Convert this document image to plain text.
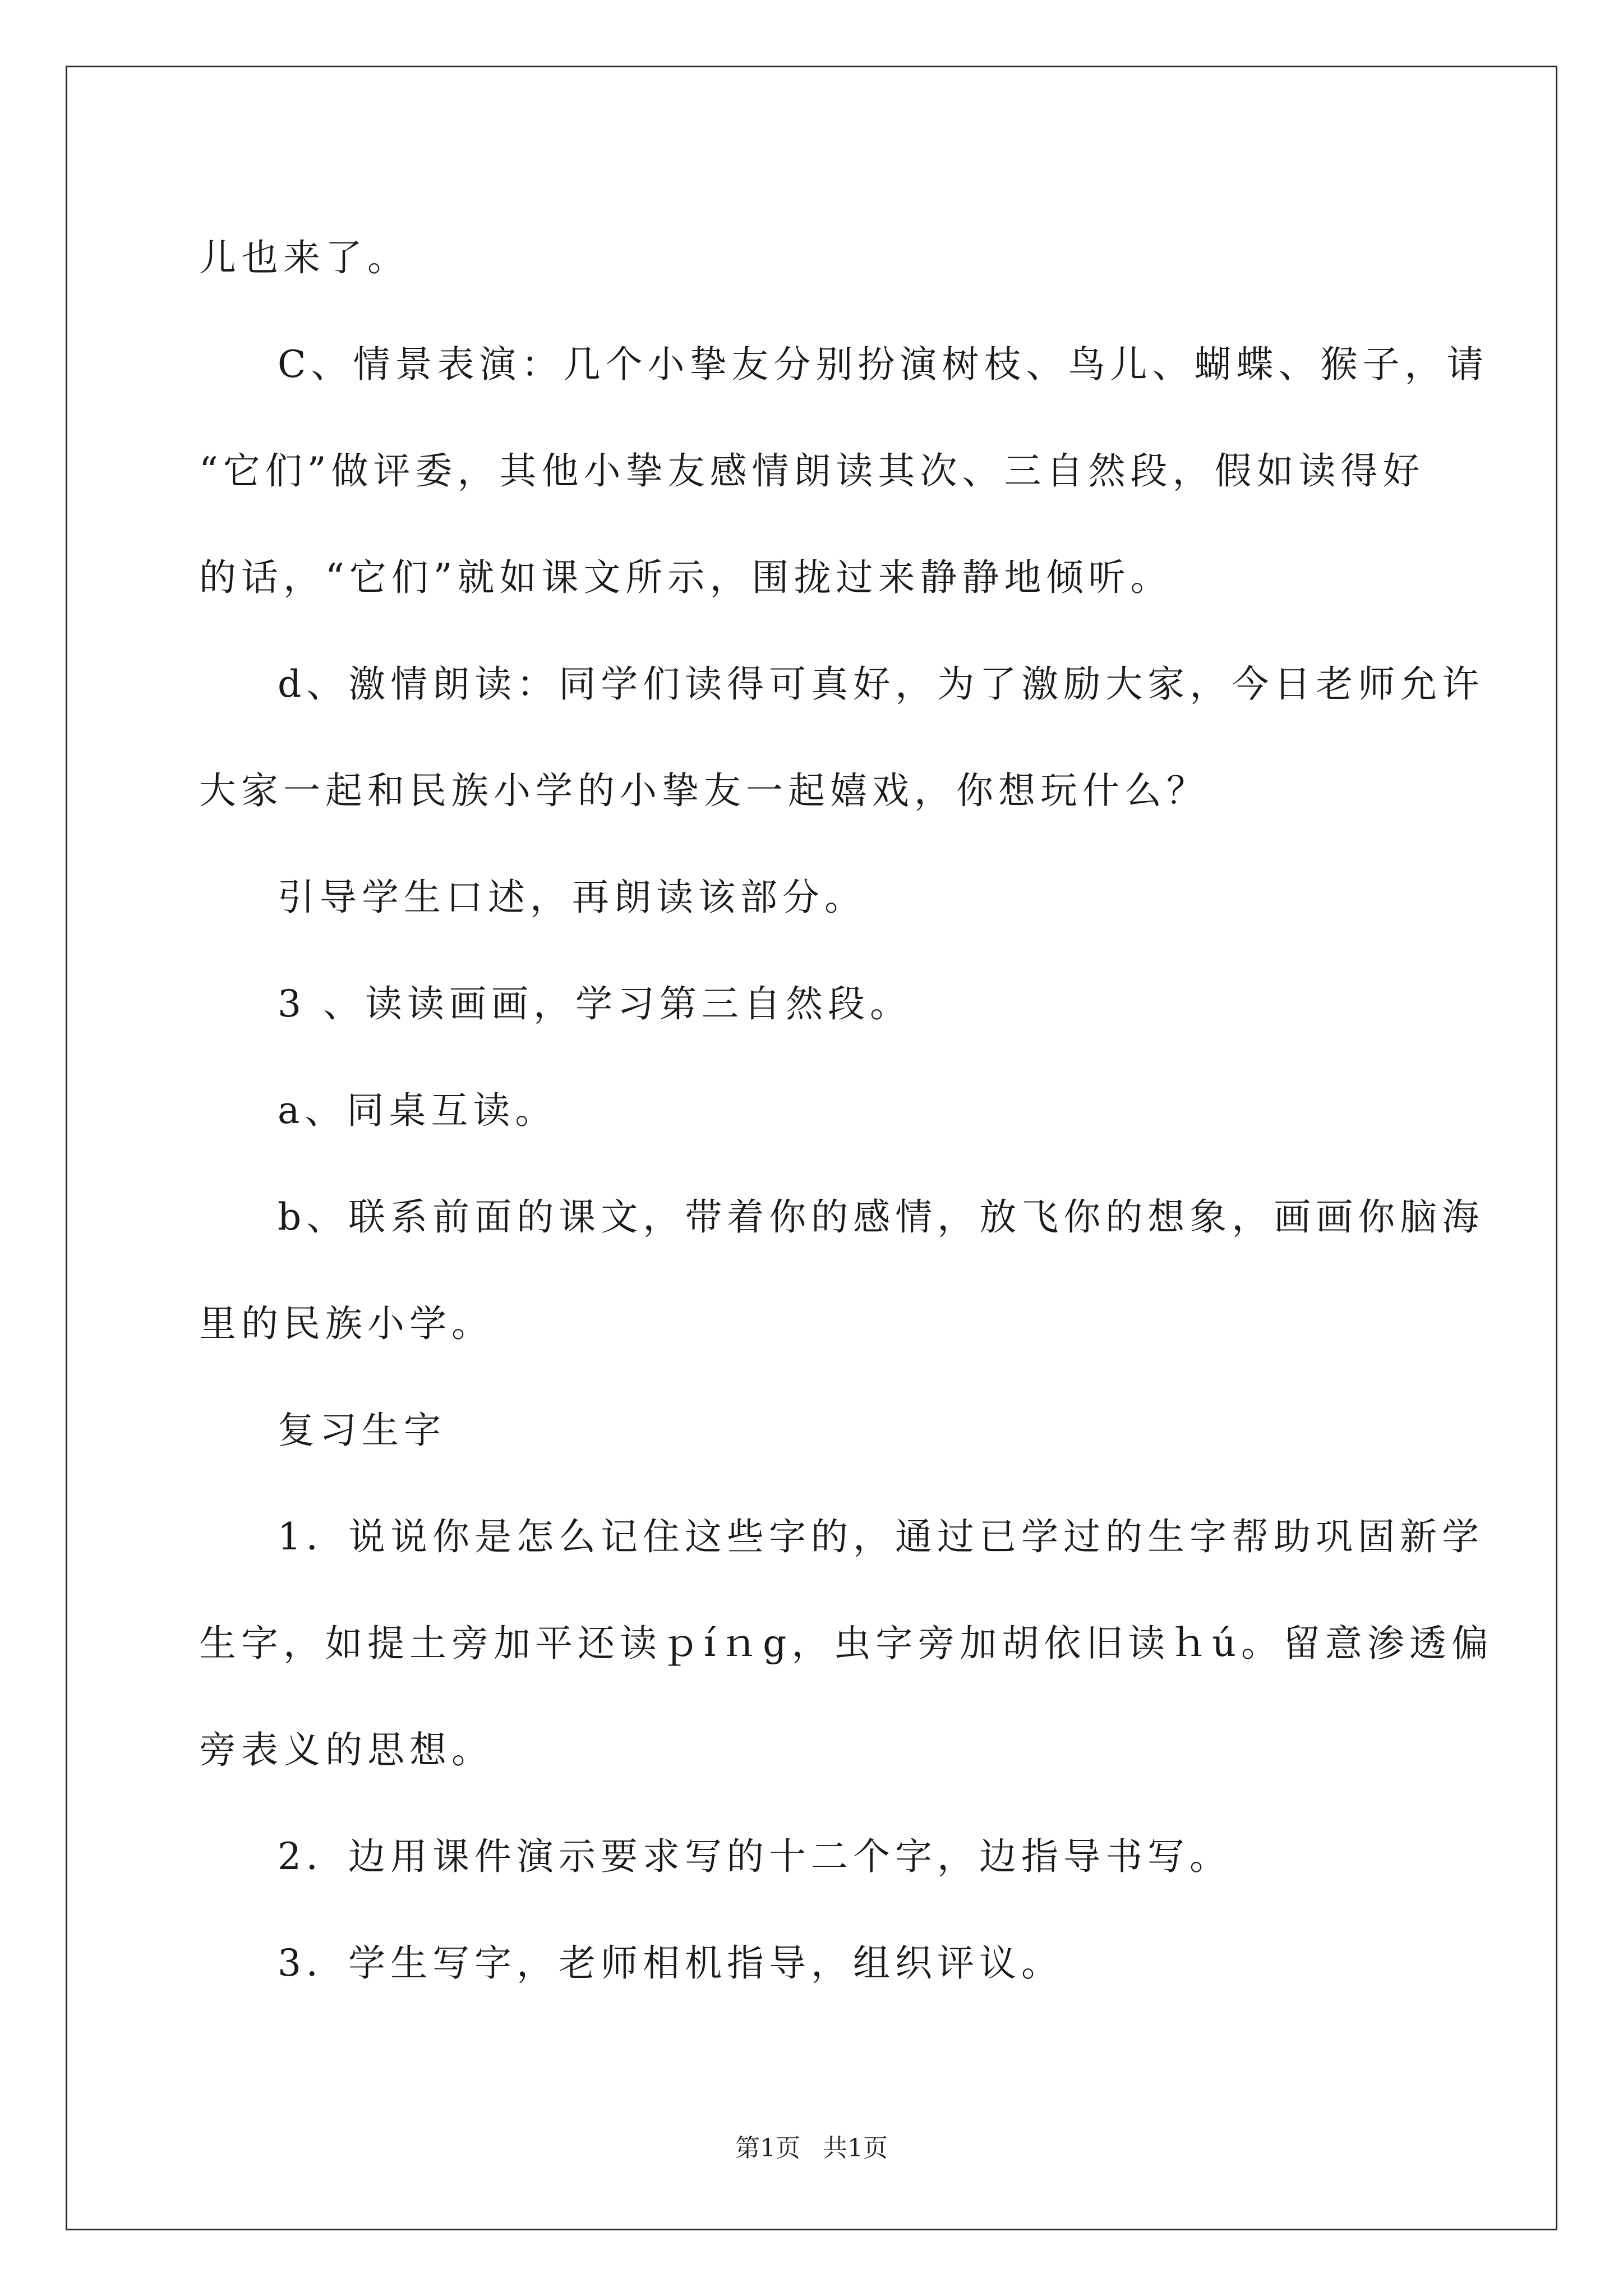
儿也来了。
C、情景表演：几个小挚友分别扮演树枝、鸟儿、蝴蝶、猴子，请
“它们”做评委，其他小挚友感情朗读其次、三自然段，假如读得好
的话，“它们”就如课文所示，围拢过来静静地倾听。
d、激情朗读：同学们读得可真好，为了激励大家，今日老师允许
大家一起和民族小学的小挚友一起嬉戏，你想玩什么？
引导学生口述，再朗读该部分。
3 、读读画画，学习第三自然段。
a、同桌互读。
b、联系前面的课文，带着你的感情，放飞你的想象，画画你脑海
里的民族小学。
复习生字
1．说说你是怎么记住这些字的，通过已学过的生字帮助巩固新学
生字，如提土旁加平还读ｐíｎg，虫字旁加胡依旧读ｈú。留意渗透偏
旁表义的思想。
2．边用课件演示要求写的十二个字，边指导书写。
3．学生写字，老师相机指导，组织评议。
第1页 共1页
